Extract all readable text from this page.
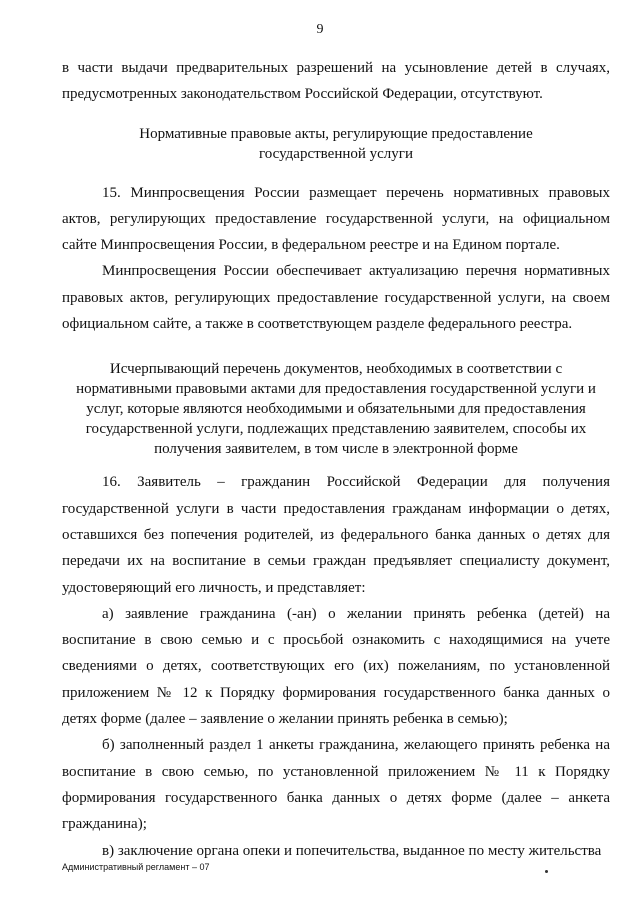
9

в части выдачи предварительных разрешений на усыновление детей в случаях, предусмотренных законодательством Российской Федерации, отсутствуют.

Нормативные правовые акты, регулирующие предоставление государственной услуги

15. Минпросвещения России размещает перечень нормативных правовых актов, регулирующих предоставление государственной услуги, на официальном сайте Минпросвещения России, в федеральном реестре и на Едином портале.

Минпросвещения России обеспечивает актуализацию перечня нормативных правовых актов, регулирующих предоставление государственной услуги, на своем официальном сайте, а также в соответствующем разделе федерального реестра.

Исчерпывающий перечень документов, необходимых в соответствии с нормативными правовыми актами для предоставления государственной услуги и услуг, которые являются необходимыми и обязательными для предоставления государственной услуги, подлежащих представлению заявителем, способы их получения заявителем, в том числе в электронной форме

16. Заявитель – гражданин Российской Федерации для получения государственной услуги в части предоставления гражданам информации о детях, оставшихся без попечения родителей, из федерального банка данных о детях для передачи их на воспитание в семьи граждан предъявляет специалисту документ, удостоверяющий его личность, и представляет:

а) заявление гражданина (-ан) о желании принять ребенка (детей) на воспитание в свою семью и с просьбой ознакомить с находящимися на учете сведениями о детях, соответствующих его (их) пожеланиям, по установленной приложением № 12 к Порядку формирования государственного банка данных о детях форме (далее – заявление о желании принять ребенка в семью);

б) заполненный раздел 1 анкеты гражданина, желающего принять ребенка на воспитание в свою семью, по установленной приложением № 11 к Порядку формирования государственного банка данных о детях форме (далее – анкета гражданина);

в) заключение органа опеки и попечительства, выданное по месту жительства

Административный регламент – 07
